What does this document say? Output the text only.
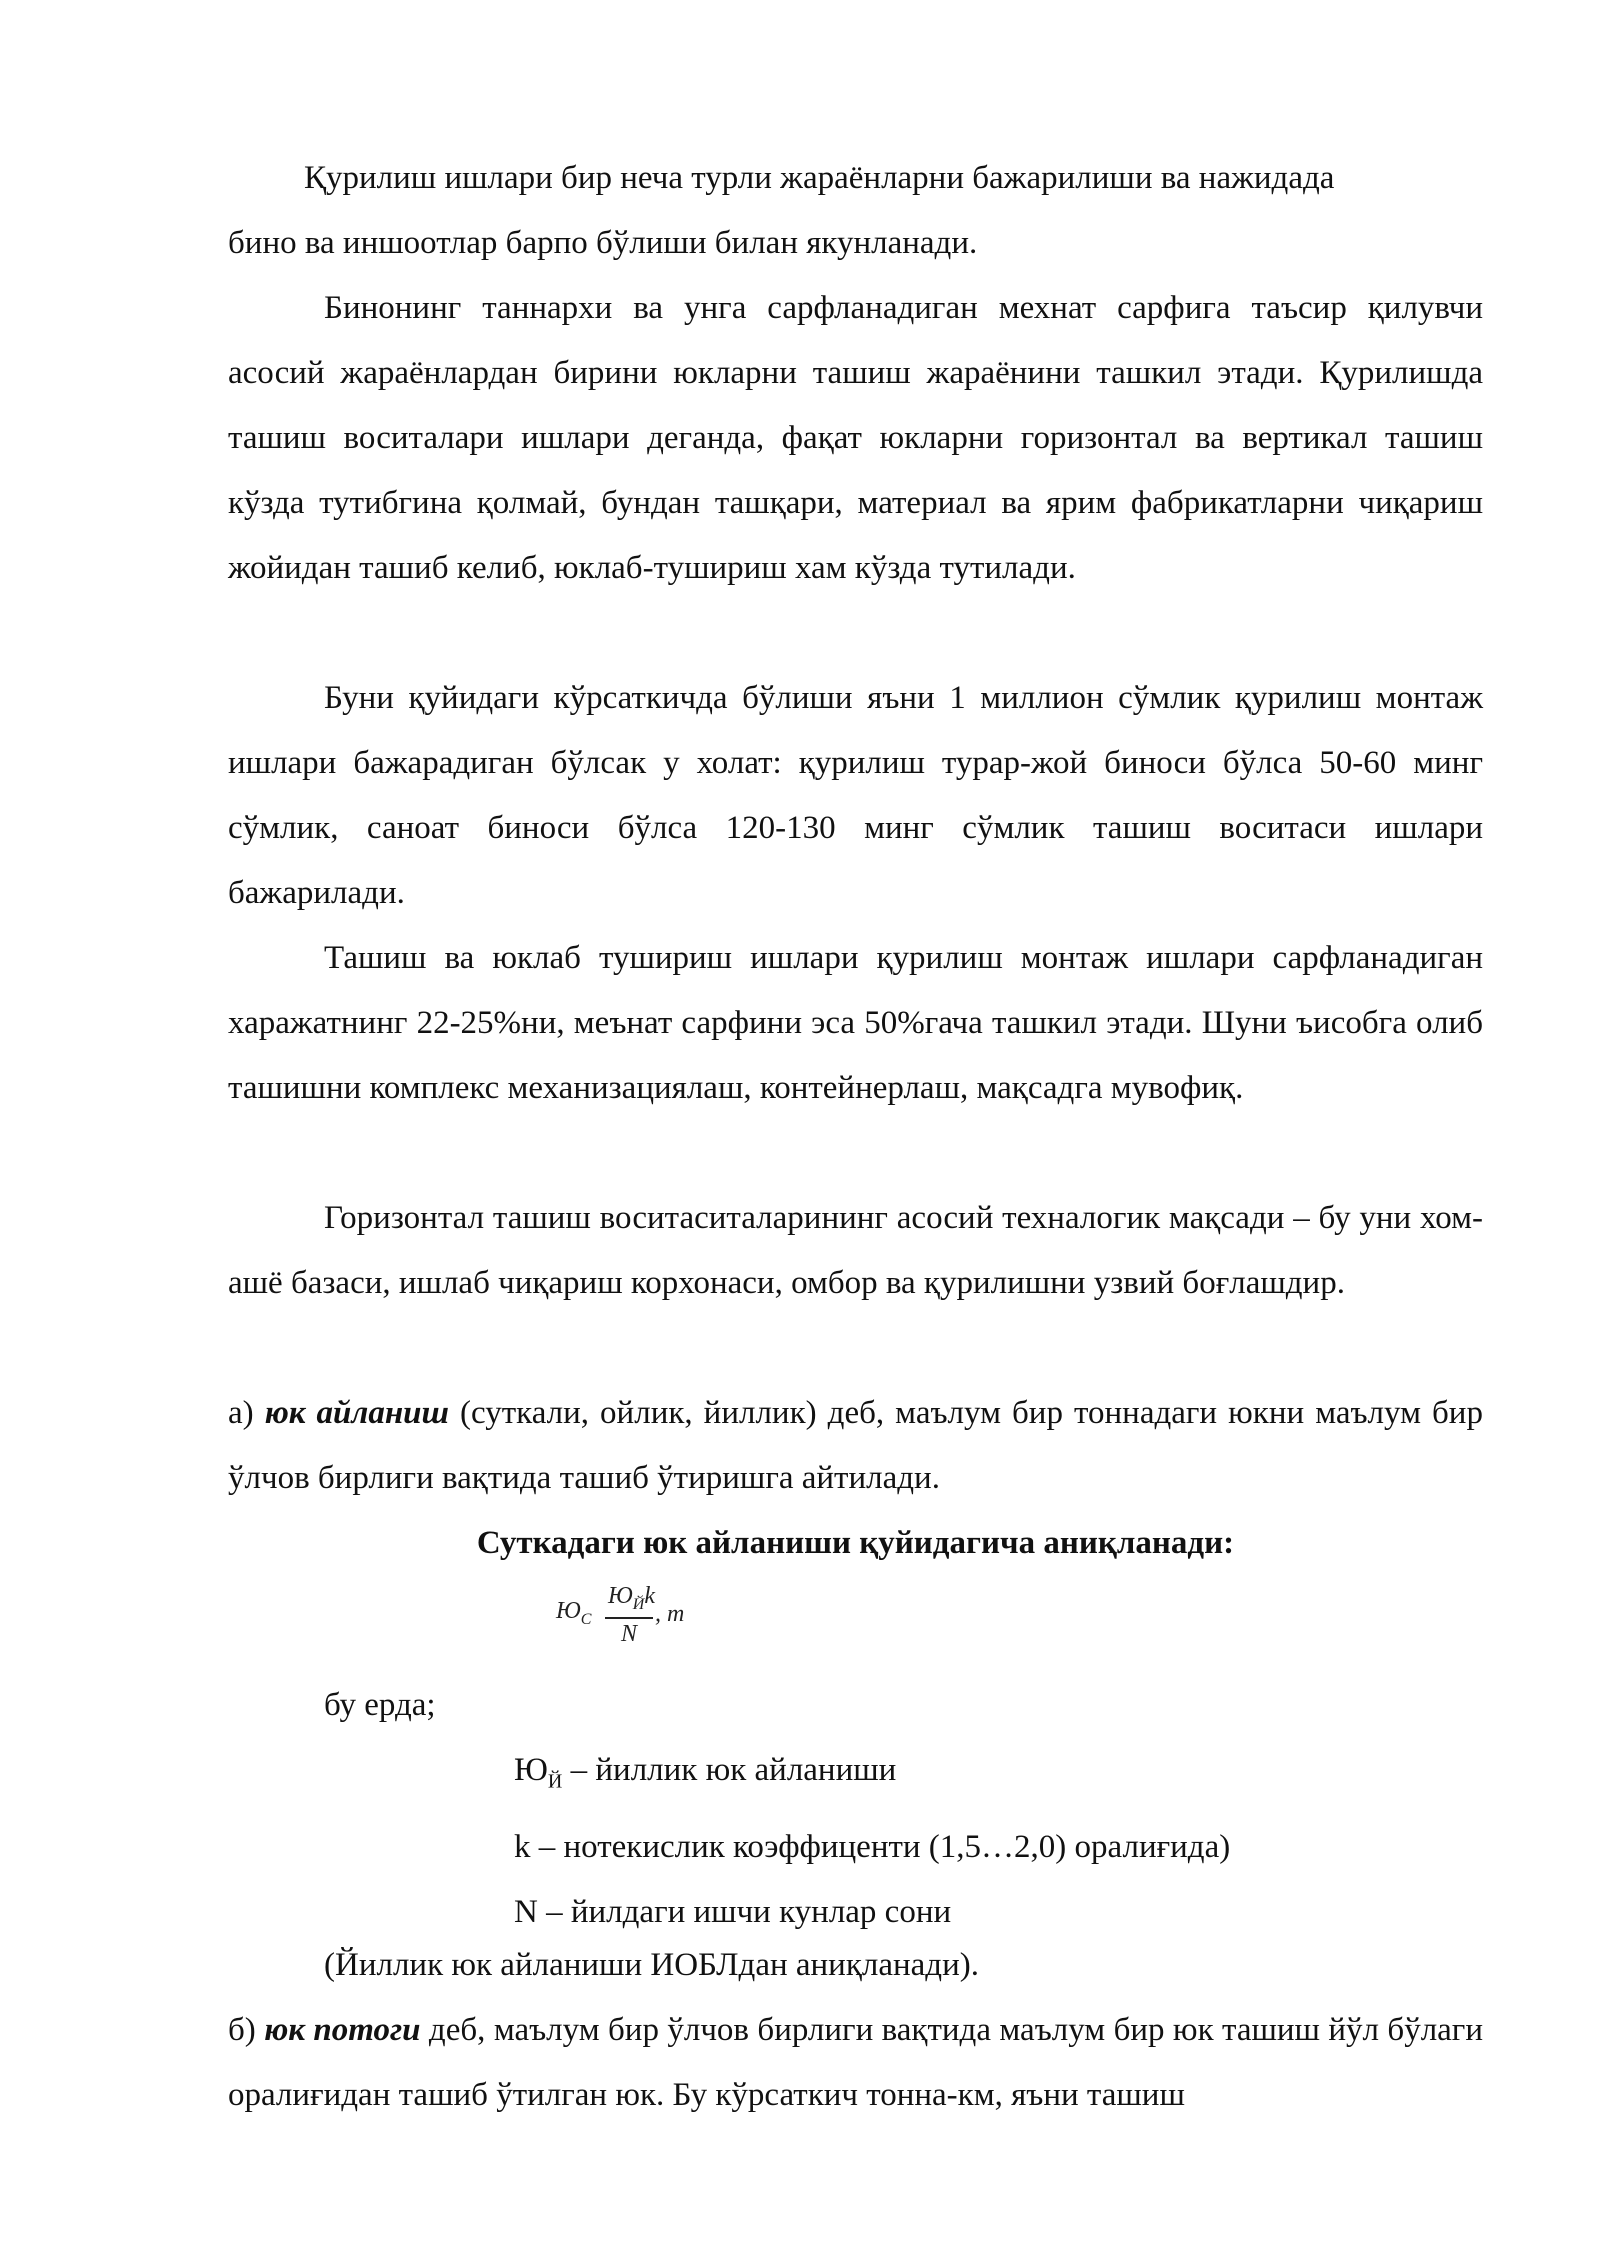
Қурилиш ишлари бир неча турли жараёнларни бажарилиши ва нажидада

бино ва иншоотлар барпо бўлиши билан якунланади.

Бинонинг таннархи ва унга сарфланадиган мехнат сарфига таъсир қилувчи асосий жараёнлардан бирини юкларни ташиш жараёнини ташкил этади. Қурилишда ташиш воситалари ишлари деганда, фақат юкларни горизонтал ва вертикал ташиш кўзда тутибгина қолмай, бундан ташқари, материал ва ярим фабрикатларни чиқариш жойидан ташиб келиб, юклаб-тушириш хам кўзда тутилади.

Буни қуйидаги кўрсаткичда бўлиши яъни 1 миллион сўмлик қурилиш монтаж ишлари бажарадиган бўлсак у холат: қурилиш турар-жой биноси бўлса 50-60 минг сўмлик, саноат биноси бўлса 120-130 минг сўмлик ташиш воситаси ишлари бажарилади.

Ташиш ва юклаб тушириш ишлари қурилиш монтаж ишлари сарфланадиган харажатнинг 22-25%ни, меънат сарфини эса 50%гача ташкил этади. Шуни ъисобга олиб ташишни комплекс механизациялаш, контейнерлаш, мақсадга мувофиқ.

Горизонтал ташиш воситаситаларининг асосий техналогик мақсади – бу уни хом-ашё базаси, ишлаб чиқариш корхонаси, омбор ва қурилишни узвий боғлашдир.

а) юк айланиш (суткали, ойлик, йиллик) деб, маълум бир тоннадаги юкни маълум бир ўлчов бирлиги вақтида ташиб ўтиришга айтилади.

Суткадаги юк айланиши қуйидагича аниқланади:

$Ю_С$
$Ю_Йk$
N
, т

бу ерда;

$Ю_Й$ – йиллик юк айланиши

k – нотекислик коэффиценти (1,5…2,0) оралиғида)

N – йилдаги ишчи кунлар сони

(Йиллик юк айланиши ИОБЛдан аниқланади).

б) юк потоги деб, маълум бир ўлчов бирлиги вақтида маълум бир юк ташиш йўл бўлаги оралиғидан ташиб ўтилган юк. Бу кўрсаткич тонна-км, яъни ташиш
